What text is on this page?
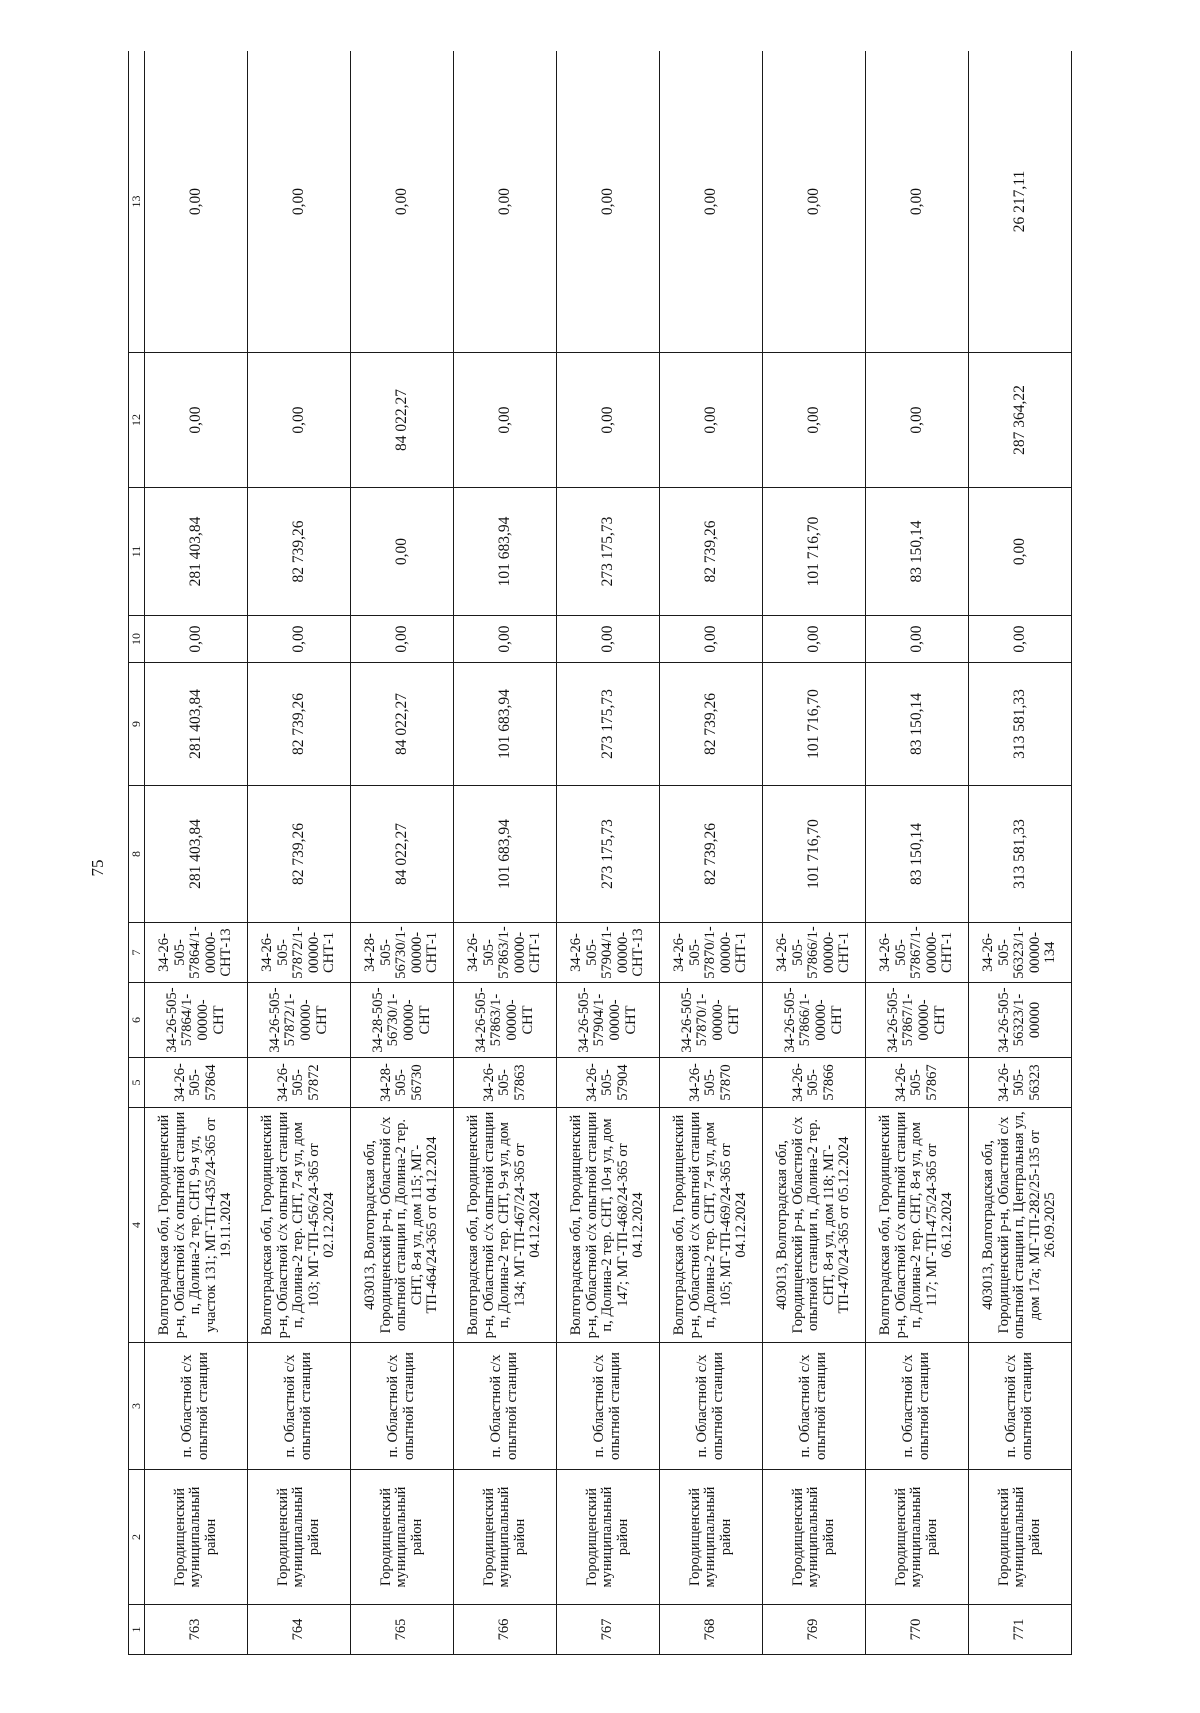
75
1	2	3	4	5	6	7	8	9	10	11	12	13
763	Городищенский муниципальный район	п. Областной с/х опытной станции	Волгоградская обл, Городищенский р-н, Областной с/х опытной станции п, Долина-2 тер. СНТ, 9-я ул, участок 131; МГ-ТП-435/24-365 от 19.11.2024	34-26-505-57864	34-26-505-57864/1-00000-СНТ	34-26-505-57864/1-00000-СНТ-13	281 403,84	281 403,84	0,00	281 403,84	0,00	0,00
764	Городищенский муниципальный район	п. Областной с/х опытной станции	Волгоградская обл, Городищенский р-н, Областной с/х опытной станции п, Долина-2 тер. СНТ, 7-я ул, дом 103; МГ-ТП-456/24-365 от 02.12.2024	34-26-505-57872	34-26-505-57872/1-00000-СНТ	34-26-505-57872/1-00000-СНТ-1	82 739,26	82 739,26	0,00	82 739,26	0,00	0,00
765	Городищенский муниципальный район	п. Областной с/х опытной станции	403013, Волгоградская обл, Городищенский р-н, Областной с/х опытной станции п, Долина-2 тер. СНТ, 8-я ул, дом 115; МГ-ТП-464/24-365 от 04.12.2024	34-28-505-56730	34-28-505-56730/1-00000-СНТ	34-28-505-56730/1-00000-СНТ-1	84 022,27	84 022,27	0,00	0,00	84 022,27	0,00
766	Городищенский муниципальный район	п. Областной с/х опытной станции	Волгоградская обл, Городищенский р-н, Областной с/х опытной станции п, Долина-2 тер. СНТ, 9-я ул, дом 134; МГ-ТП-467/24-365 от 04.12.2024	34-26-505-57863	34-26-505-57863/1-00000-СНТ	34-26-505-57863/1-00000-СНТ-1	101 683,94	101 683,94	0,00	101 683,94	0,00	0,00
767	Городищенский муниципальный район	п. Областной с/х опытной станции	Волгоградская обл, Городищенский р-н, Областной с/х опытной станции п, Долина-2 тер. СНТ, 10-я ул, дом 147; МГ-ТП-468/24-365 от 04.12.2024	34-26-505-57904	34-26-505-57904/1-00000-СНТ	34-26-505-57904/1-00000-СНТ-13	273 175,73	273 175,73	0,00	273 175,73	0,00	0,00
768	Городищенский муниципальный район	п. Областной с/х опытной станции	Волгоградская обл, Городищенский р-н, Областной с/х опытной станции п, Долина-2 тер. СНТ, 7-я ул, дом 105; МГ-ТП-469/24-365 от 04.12.2024	34-26-505-57870	34-26-505-57870/1-00000-СНТ	34-26-505-57870/1-00000-СНТ-1	82 739,26	82 739,26	0,00	82 739,26	0,00	0,00
769	Городищенский муниципальный район	п. Областной с/х опытной станции	403013, Волгоградская обл, Городищенский р-н, Областной с/х опытной станции п, Долина-2 тер. СНТ, 8-я ул, дом 118; МГ-ТП-470/24-365 от 05.12.2024	34-26-505-57866	34-26-505-57866/1-00000-СНТ	34-26-505-57866/1-00000-СНТ-1	101 716,70	101 716,70	0,00	101 716,70	0,00	0,00
770	Городищенский муниципальный район	п. Областной с/х опытной станции	Волгоградская обл, Городищенский р-н, Областной с/х опытной станции п, Долина-2 тер. СНТ, 8-я ул, дом 117; МГ-ТП-475/24-365 от 06.12.2024	34-26-505-57867	34-26-505-57867/1-00000-СНТ	34-26-505-57867/1-00000-СНТ-1	83 150,14	83 150,14	0,00	83 150,14	0,00	0,00
771	Городищенский муниципальный район	п. Областной с/х опытной станции	403013, Волгоградская обл, Городищенский р-н, Областной с/х опытной станции п, Центральная ул, дом 17а; МГ-ТП-282/25-135 от 26.09.2025	34-26-505-56323	34-26-505-56323/1-00000	34-26-505-56323/1-00000-134	313 581,33	313 581,33	0,00	0,00	287 364,22	26 217,11
